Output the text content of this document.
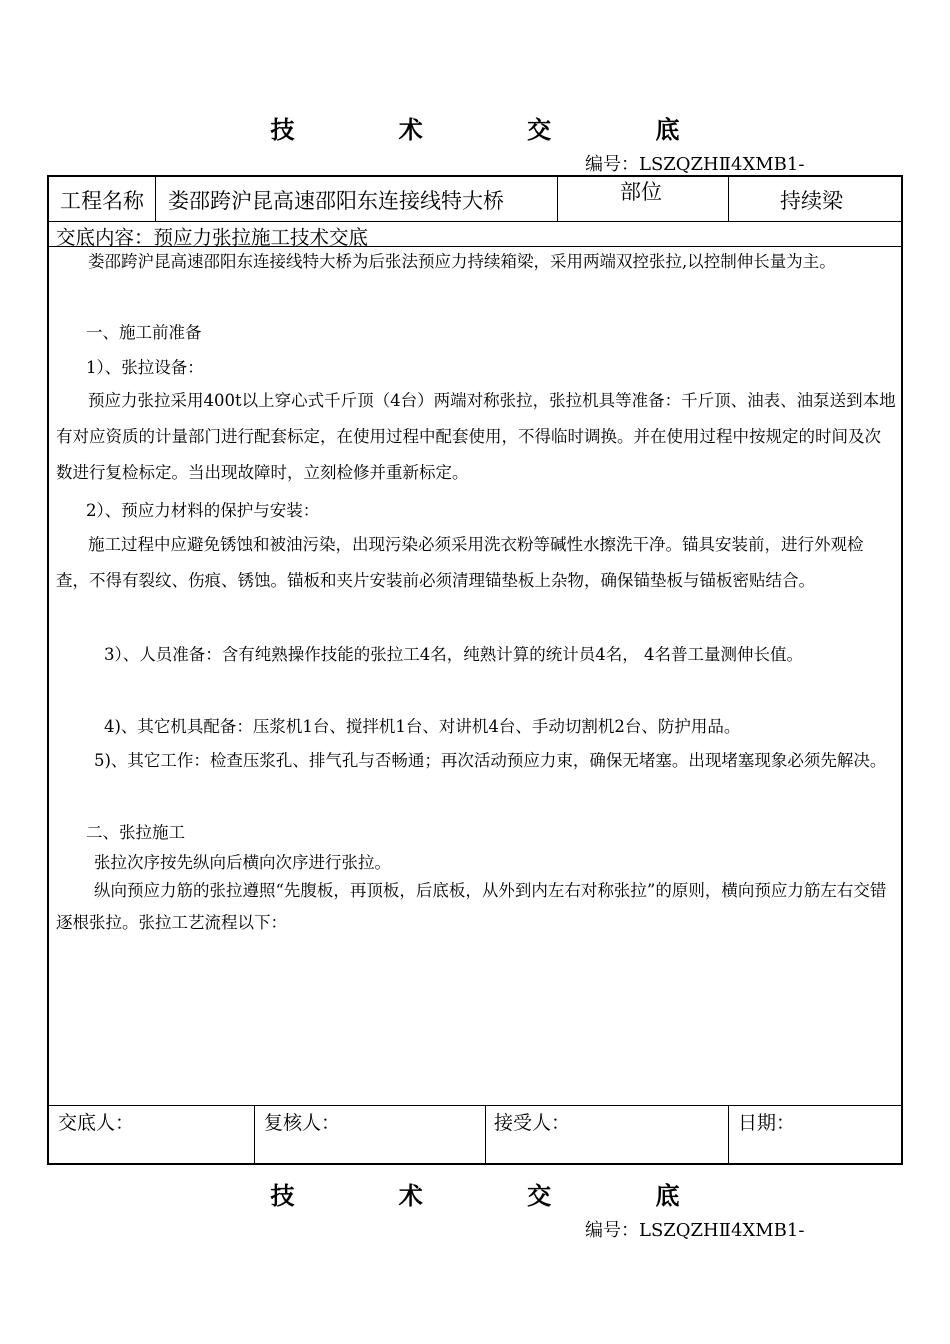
技 术 交 底
编号：LSZQZHⅡ4XMB1-
工程名称 娄邵跨沪昆高速邵阳东连接线特大桥	部位	持续梁
交底内容：预应力张拉施工技术交底
娄邵跨沪昆高速邵阳东连接线特大桥为后张法预应力持续箱梁，采用两端双控张拉,以控制伸长量为主。
一、施工前准备
1）、张拉设备：
预应力张拉采用400t以上穿心式千斤顶（4台）两端对称张拉，张拉机具等准备：千斤顶、油表、油泵送到本地有对应资质的计量部门进行配套标定，在使用过程中配套使用，不得临时调换。并在使用过程中按规定的时间及次数进行复检标定。当出现故障时，立刻检修并重新标定。
2）、预应力材料的保护与安装：
施工过程中应避免锈蚀和被油污染，出现污染必须采用洗衣粉等碱性水擦洗干净。锚具安装前，进行外观检查，不得有裂纹、伤痕、锈蚀。锚板和夹片安装前必须清理锚垫板上杂物，确保锚垫板与锚板密贴结合。
3）、人员准备：含有纯熟操作技能的张拉工4名，纯熟计算的统计员4名， 4名普工量测伸长值。
4)、其它机具配备：压浆机1台、搅拌机1台、对讲机4台、手动切割机2台、防护用品。
5)、其它工作：检查压浆孔、排气孔与否畅通；再次活动预应力束，确保无堵塞。出现堵塞现象必须先解决。
二、张拉施工
张拉次序按先纵向后横向次序进行张拉。
纵向预应力筋的张拉遵照“先腹板，再顶板，后底板，从外到内左右对称张拉”的原则，横向预应力筋左右交错逐根张拉。张拉工艺流程以下：
交底人：	复核人：	接受人：	日期：
技 术 交 底
编号：LSZQZHⅡ4XMB1-
